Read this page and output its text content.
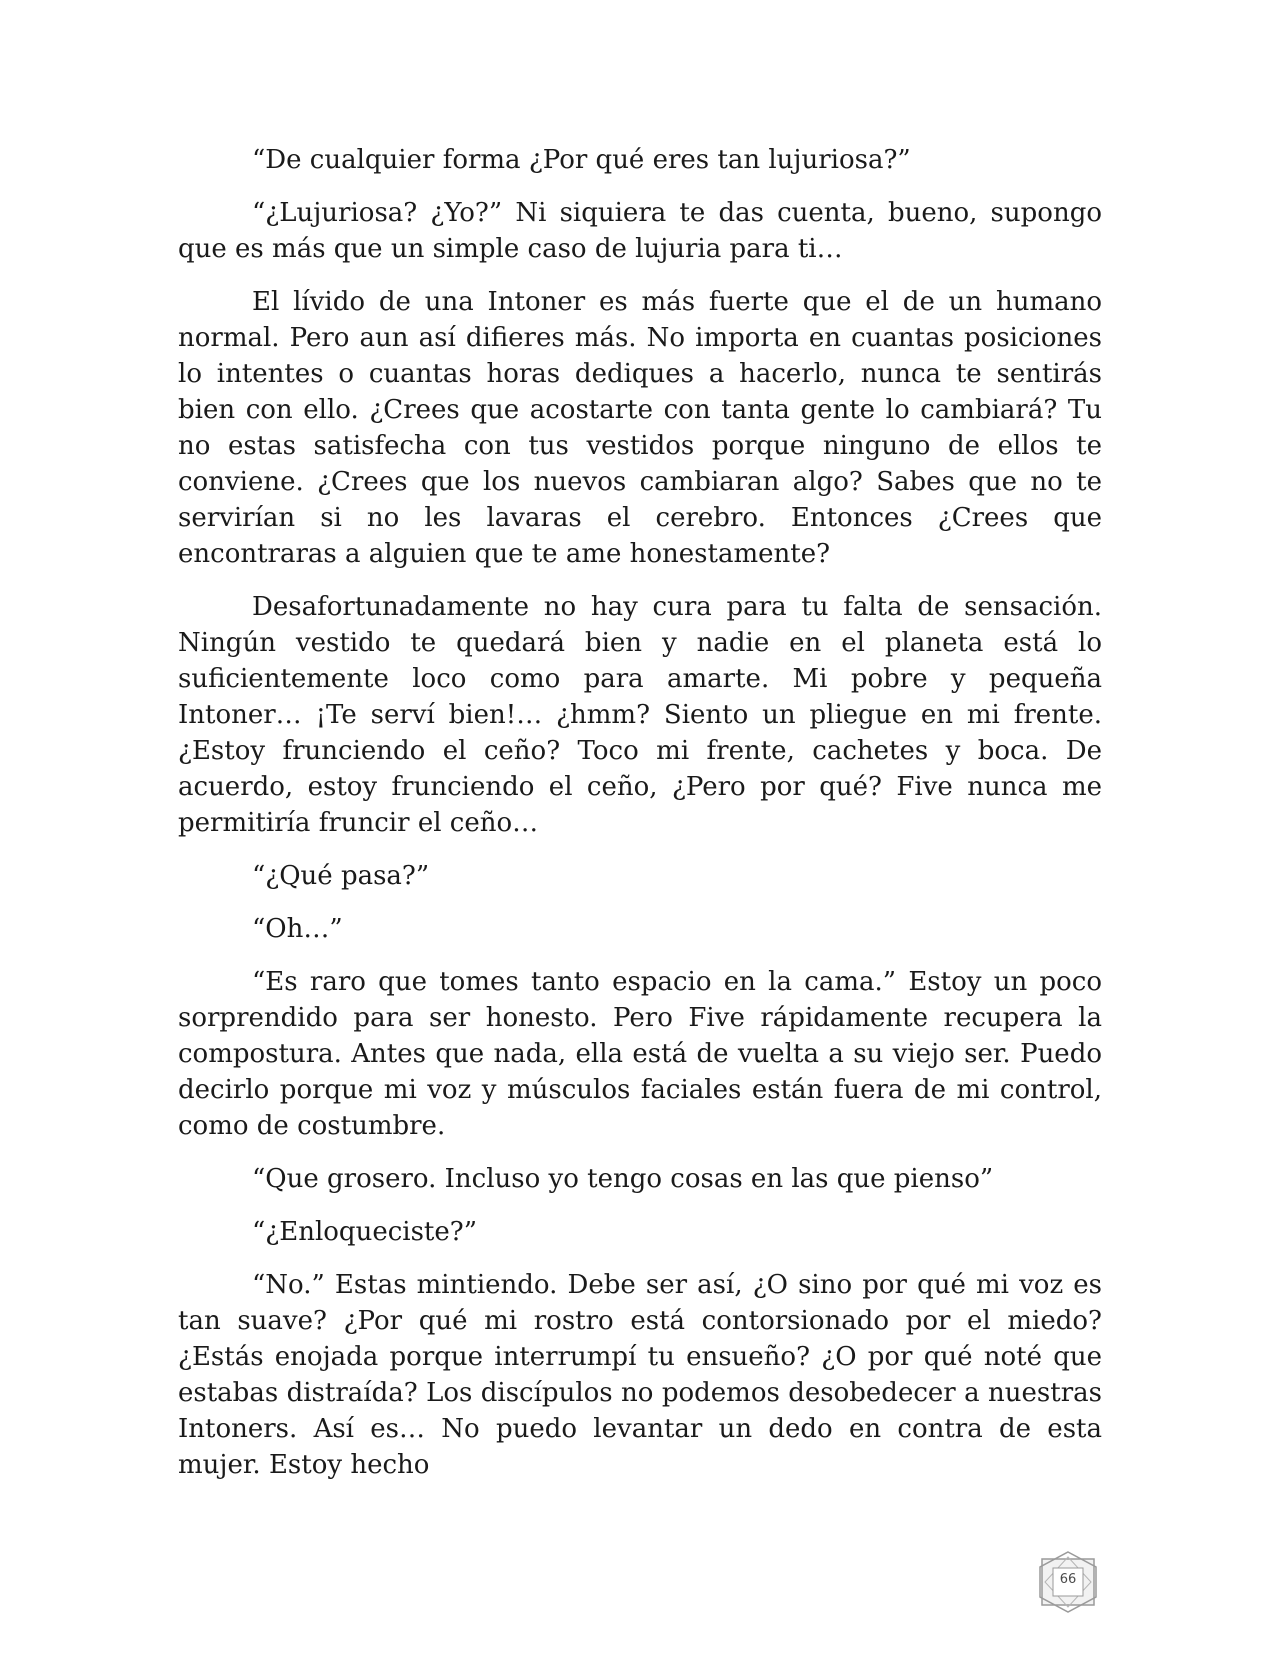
“De cualquier forma ¿Por qué eres tan lujuriosa?”

“¿Lujuriosa? ¿Yo?” Ni siquiera te das cuenta, bueno, supongo que es más que un simple caso de lujuria para ti…

El lívido de una Intoner es más fuerte que el de un humano normal. Pero aun así difieres más. No importa en cuantas posiciones lo intentes o cuantas horas dediques a hacerlo, nunca te sentirás bien con ello. ¿Crees que acostarte con tanta gente lo cambiará? Tu no estas satisfecha con tus vestidos porque ninguno de ellos te conviene. ¿Crees que los nuevos cambiaran algo? Sabes que no te servirían si no les lavaras el cerebro. Entonces ¿Crees que encontraras a alguien que te ame honestamente?

Desafortunadamente no hay cura para tu falta de sensación. Ningún vestido te quedará bien y nadie en el planeta está lo suficientemente loco como para amarte. Mi pobre y pequeña Intoner… ¡Te serví bien!… ¿hmm? Siento un pliegue en mi frente. ¿Estoy frunciendo el ceño? Toco mi frente, cachetes y boca. De acuerdo, estoy frunciendo el ceño, ¿Pero por qué? Five nunca me permitiría fruncir el ceño…

“¿Qué pasa?”

“Oh…”

“Es raro que tomes tanto espacio en la cama.” Estoy un poco sorprendido para ser honesto. Pero Five rápidamente recupera la compostura. Antes que nada, ella está de vuelta a su viejo ser. Puedo decirlo porque mi voz y músculos faciales están fuera de mi control, como de costumbre.

“Que grosero. Incluso yo tengo cosas en las que pienso”

“¿Enloqueciste?”

“No.” Estas mintiendo. Debe ser así, ¿O sino por qué mi voz es tan suave? ¿Por qué mi rostro está contorsionado por el miedo? ¿Estás enojada porque interrumpí tu ensueño? ¿O por qué noté que estabas distraída? Los discípulos no podemos desobedecer a nuestras Intoners. Así es… No puedo levantar un dedo en contra de esta mujer. Estoy hecho

66
